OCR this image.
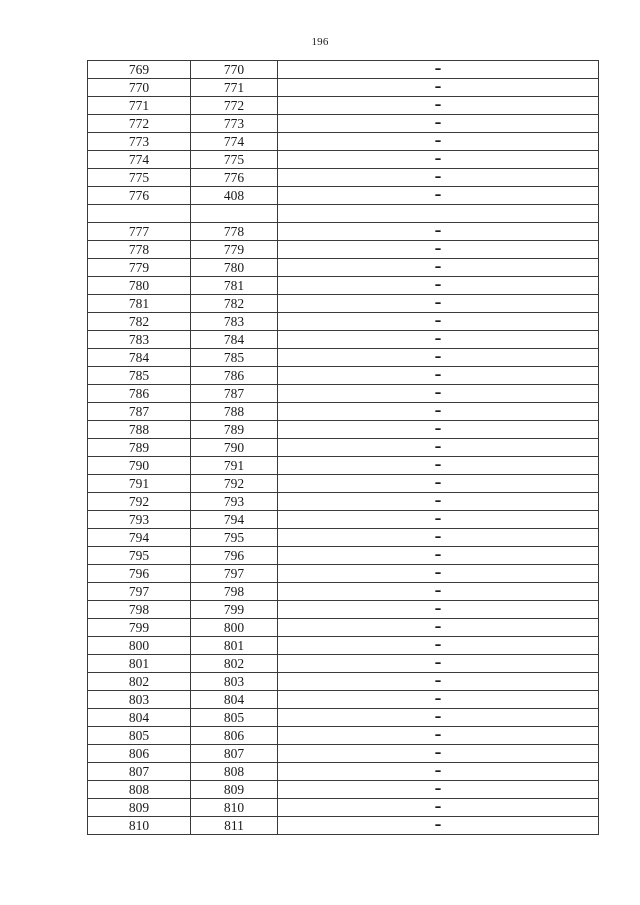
196
769	770	–
770	771	–
771	772	–
772	773	–
773	774	–
774	775	–
775	776	–
776	408	–

777	778	–
778	779	–
779	780	–
780	781	–
781	782	–
782	783	–
783	784	–
784	785	–
785	786	–
786	787	–
787	788	–
788	789	–
789	790	–
790	791	–
791	792	–
792	793	–
793	794	–
794	795	–
795	796	–
796	797	–
797	798	–
798	799	–
799	800	–
800	801	–
801	802	–
802	803	–
803	804	–
804	805	–
805	806	–
806	807	–
807	808	–
808	809	–
809	810	–
810	811	–
